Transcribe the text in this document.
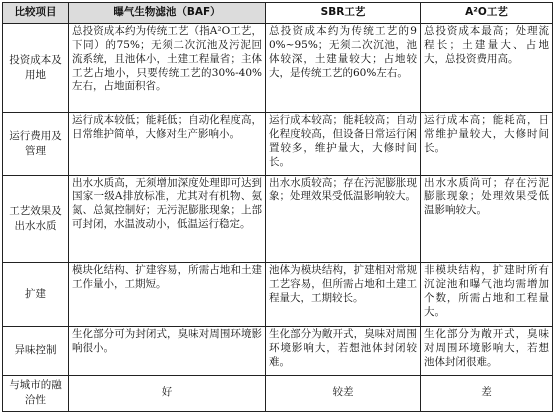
比较项目	曝气生物滤池（BAF）	SBR工艺	A²O工艺
投资成本及用地	总投资成本约为传统工艺（指A²O工艺，下同）的75%；无须二次沉池及污泥回流系统，且池体小，土建工程量省；主体工艺占地小，只要传统工艺的30%-40%左右，占地面积省。	总投资成本约为传统工艺的90%~95%；无须二次沉池，池体较深，土建量较大；占地较大，是传统工艺的60%左右。	总投资成本最高；处理流程长；土建量大、占地大，总投资费用高。
运行费用及管理	运行成本较低；能耗低；自动化程度高，日常维护简单，大修对生产影响小。	运行成本较高；能耗较高；自动化程度较高，但设备日常运行闲置较多，维护量大，大修时间长。	运行成本高；能耗高，日常维护量较大，大修时间长。
工艺效果及出水水质	出水水质高，无须增加深度处理即可达到国家一级A排放标准，尤其对有机物、氨氮、总氮控制好；无污泥膨胀现象；上部可封闭，水温波动小，低温运行稳定。	出水水质较高；存在污泥膨胀现象；处理效果受低温影响较大。	出水水质尚可；存在污泥膨胀现象；处理效果受低温影响较大。
扩建	模块化结构、扩建容易，所需占地和土建工作量小，工期短。	池体为模块结构，扩建相对常规工艺容易，但所需占地和土建工程量大，工期较长。	非模块结构，扩建时所有沉淀池和曝气池均需增加个数，所需占地和工程量大。
异味控制	生化部分可为封闭式，臭味对周围环境影响很小。	生化部分为敞开式，臭味对周围环境影响大，若想池体封闭较难。	生化部分为敞开式，臭味对周围环境影响大，若想池体封闭很难。
与城市的融洽性	好	较差	差
